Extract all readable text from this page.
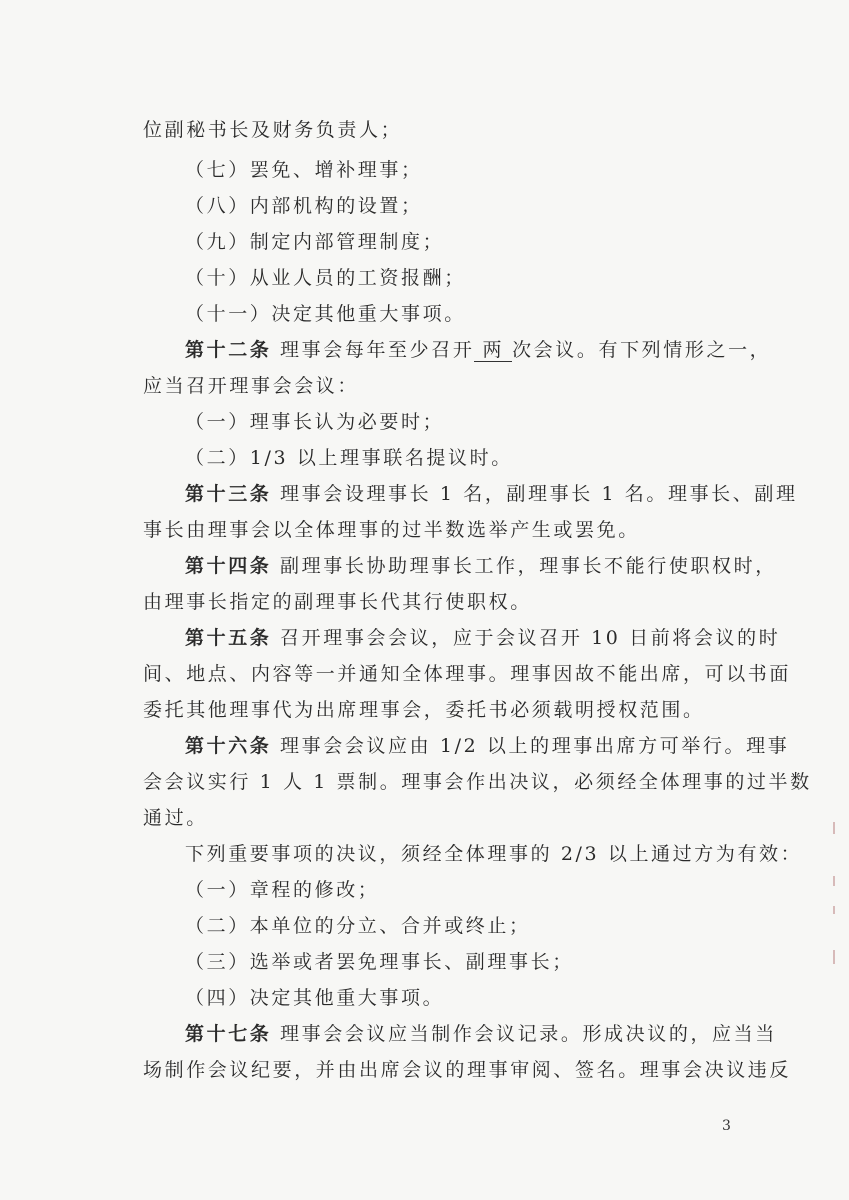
位副秘书长及财务负责人；
（七）罢免、增补理事；
（八）内部机构的设置；
（九）制定内部管理制度；
（十）从业人员的工资报酬；
（十一）决定其他重大事项。
第十二条 理事会每年至少召开 两 次会议。有下列情形之一，
应当召开理事会会议：
（一）理事长认为必要时；
（二）1/3 以上理事联名提议时。
第十三条 理事会设理事长 1 名，副理事长 1 名。理事长、副理
事长由理事会以全体理事的过半数选举产生或罢免。
第十四条 副理事长协助理事长工作，理事长不能行使职权时，
由理事长指定的副理事长代其行使职权。
第十五条 召开理事会会议，应于会议召开 10 日前将会议的时
间、地点、内容等一并通知全体理事。理事因故不能出席，可以书面
委托其他理事代为出席理事会，委托书必须载明授权范围。
第十六条 理事会会议应由 1/2 以上的理事出席方可举行。理事
会会议实行 1 人 1 票制。理事会作出决议，必须经全体理事的过半数
通过。
下列重要事项的决议，须经全体理事的 2/3 以上通过方为有效：
（一）章程的修改；
（二）本单位的分立、合并或终止；
（三）选举或者罢免理事长、副理事长；
（四）决定其他重大事项。
第十七条 理事会会议应当制作会议记录。形成决议的，应当当
场制作会议纪要，并由出席会议的理事审阅、签名。理事会决议违反
3
